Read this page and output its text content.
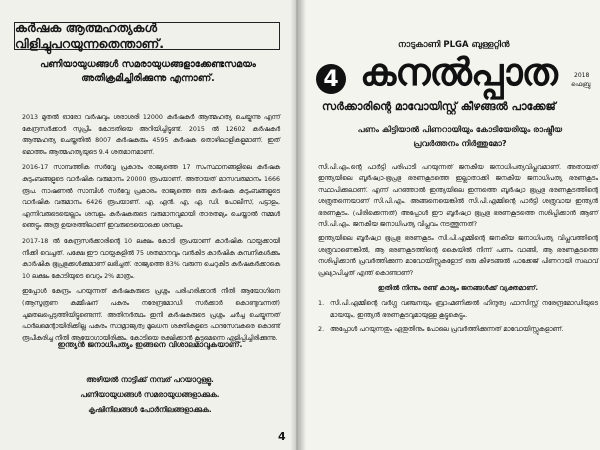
കർഷക ആത്മഹത്യകൾ വിളിച്ചുപറയുന്നതെന്താണ്.
പണിയായുധങ്ങൾ സമരായുധങ്ങളാക്കേണ്ടസമയം അതിക്രമിച്ചിരിക്കുന്നു എന്നാണ്.

2013 മുതൽ ഓരോ വർഷവും ശരാശരി 12000 കർഷകർ ആത്മഹത്യ ചെയ്യുന്നു എന്ന് കേന്ദ്രസർക്കാർ സുപ്രീം കോടതിയെ അറിയിച്ചിട്ടുണ്ട്. 2015 ൽ 12602 കർഷകർ ആത്മഹത്യ ചെയ്തതിൽ 8007 കർഷകരും 4595 കർഷക തൊഴിലാളികളുമാണ്. ഇത് മൊത്തം ആത്മഹത്യയുടെ 9.4 ശതമാനമാണ്.

2016-17 സാമ്പത്തിക സർവ്വേ പ്രകാരം രാജ്യത്തെ 17 സംസ്ഥാനങ്ങളിലെ കർഷക കുടുംബങ്ങളുടെ വാർഷിക വരുമാനം 20000 രൂപയാണ്. അതായത് മാസവരുമാനം 1666 രൂപ. നാഷണൽ സാമ്പിൾ സർവ്വേ പ്രകാരം രാജ്യത്തെ ഒരു കർഷക കുടുംബങ്ങളുടെ വാർഷിക വരുമാനം 6426 രൂപയാണ്. എ. എൻ. എ, എ. ഡി. പോലീസ്, പട്ടാളം, എന്നിവരുടെയെല്ലാം ശമ്പളം കർഷകരുടെ വരുമാനവുമായി താരതമ്യം ചെയ്താൽ നമ്മൾ ഞെട്ടും അത്ര ഉയരത്തിലാണ് ഇവരുടെയൊക്കെ ശമ്പളം

2017-18 ൽ കേന്ദ്രസർക്കാരിന്റെ 10 ലക്ഷം കോടി രൂപയാണ് കാർഷിക വായ്പക്കായി നീക്കി വെച്ചത്. പക്ഷേ ഈ വായ്പകളിൽ 75 ശതമാനവും വൻകിട കാർഷിക കമ്പനികൾക്കും കാർഷിക ഭൂപ്രഭുക്കൾക്കുമാണ് ലഭിച്ചത്. രാജ്യത്തെ 83% വരുന്ന ചെറുകിട കർഷകർക്കാകെ 10 ലക്ഷം കോടിയുടെ വെറും 2% മാത്രം.

ഇപ്പോൾ കേന്ദ്രം പറയുന്നത് കർഷകരുടെ പ്രശ്നം പരിഹരിക്കാൻ നീതി ആയോഗിനെ (ആസൂത്രണ കമ്മീഷന് പകരം നരേന്ദ്രമോഡി സർക്കാർ കൊണ്ടുവന്നത്) ചുമതലപ്പെടുത്തിയിട്ടുണ്ടെന്ന്. അതിനർത്ഥം ഇനി കർഷകരുടെ പ്രശ്നം ചർച്ച ചെയ്യുന്നത് പാർലമെന്റായിരിക്കില്ല പകരം സാമ്രാജ്യത്വ മൂലധന ശക്തികളുടെ പാദസേവകരെ കൊണ്ട് രൂപീകരിച്ച നീതി ആയോഗായിരിക്കും. കോടിയെ രക്ഷിക്കാൻ കൂടുമെന്നെ എളിപ്പിച്ചിരിക്കുന്നു.

ഇന്ത്യൻ ജനാധിപത്യം ഇങ്ങനെ വിശാലമാവുകയാണ്.
അഴിയൽ നാട്ടിക്ക് നമ്പര് പറയാറുള്ളൂ.
പണിയായുധങ്ങൾ സമരായുധങ്ങളാക്കുക.
കൃഷിനിലങ്ങൾ പോർനിലങ്ങളാക്കുക.
4
നാടുകാണി PLGA ബുള്ളറ്റിൻ
4 കനൽപ്പാത	2018
ഫെബ്രു
സർക്കാരിന്റെ മാവോയിസ്റ്റ് കീഴങ്ങൽ പാക്കേജ്
പണം കിട്ടിയാൽ പിണറായിയും കോടിയേരിയും രാഷ്ട്രീയ പ്രവർത്തനം നിർത്തുമോ?

സി.പി.എം.ന്റെ പാർട്ടി പരിപാടി പറയുന്നത് ജനകീയ ജനാധിപത്യവിപ്ലവമാണ്. അതായത് ഇന്ത്യയിലെ ബൂർഷ്വാ-ഭൂപ്രഭു ഭരണകൂടത്തെ ഇല്ലാതാക്കി ജനകീയ ജനാധിപത്യ ഭരണകൂടം സ്ഥാപിക്കലാണ്. എന്ന് പറഞ്ഞാൽ ഇന്ത്യയിലെ ഇന്നത്തെ ബൂർഷ്വാ ഭൂപ്രഭു ഭരണകൂടത്തിന്റെ ശത്രുതന്നെയാണ് സി.പി.എം. അങ്ങനെയെങ്കിൽ സി.പി.എമ്മിന്റെ പാർട്ടി ശത്രുവായ ഇന്ത്യൻ ഭരണകൂടം. (പിരിക്കെന്നത്) അപ്പോൾ ഈ ബൂർഷ്വാ ഭൂപ്രഭു ഭരണകൂടത്തെ നശിപ്പിക്കാൻ ആണ് സി.പി.എം. ജനകീയ ജനാധിപത്യ വിപ്ലവം നടത്തുന്നത്?

ഇന്ത്യയിലെ ബൂർഷ്വാ ഭൂപ്രഭു ഭരണകൂടം സി.പി.എമ്മിന്റെ ജനകീയ ജനാധിപത്യ വിപ്ലവത്തിന്റെ ശത്രുവാണെങ്കിൽ, ആ ഭരണകൂടത്തിന്റെ കൈയിൽ നിന്ന് പണം വാങ്ങി, ആ ഭരണകൂടത്തെ നശിപ്പിക്കാൻ പ്രവർത്തിക്കുന്ന മാവോയിസ്റ്റുകളോട് ഒരു കീഴടങ്ങൽ പാക്കേജ് പിണറായി സഖാവ് പ്രഖ്യാപിച്ചത് എന്ത് കൊണ്ടാണ്?

ഇതിൽ നിന്നും രണ്ട് കാര്യം ജനങ്ങൾക്ക് വ്യക്തമാണ്.

1. സി.പി.എമ്മിന്റെ വർഗ്ഗ വഞ്ചനയും ബ്രാഹ്മണിക്കൽ ഹിന്ദുത്വ ഫാസിസ്റ്റ് നരേന്ദ്രമോഡിയുടെ മായയും, ഇന്ത്യൻ ഭരണകൂടവുമായുള്ള കൂട്ടുകെട്ടും.

2. അപ്പോൾ പറയുന്നതും ഏതുതിനും പോലെ പ്രവർത്തിക്കുന്നത് മാവോയിസ്റ്റുകളാണ്.
